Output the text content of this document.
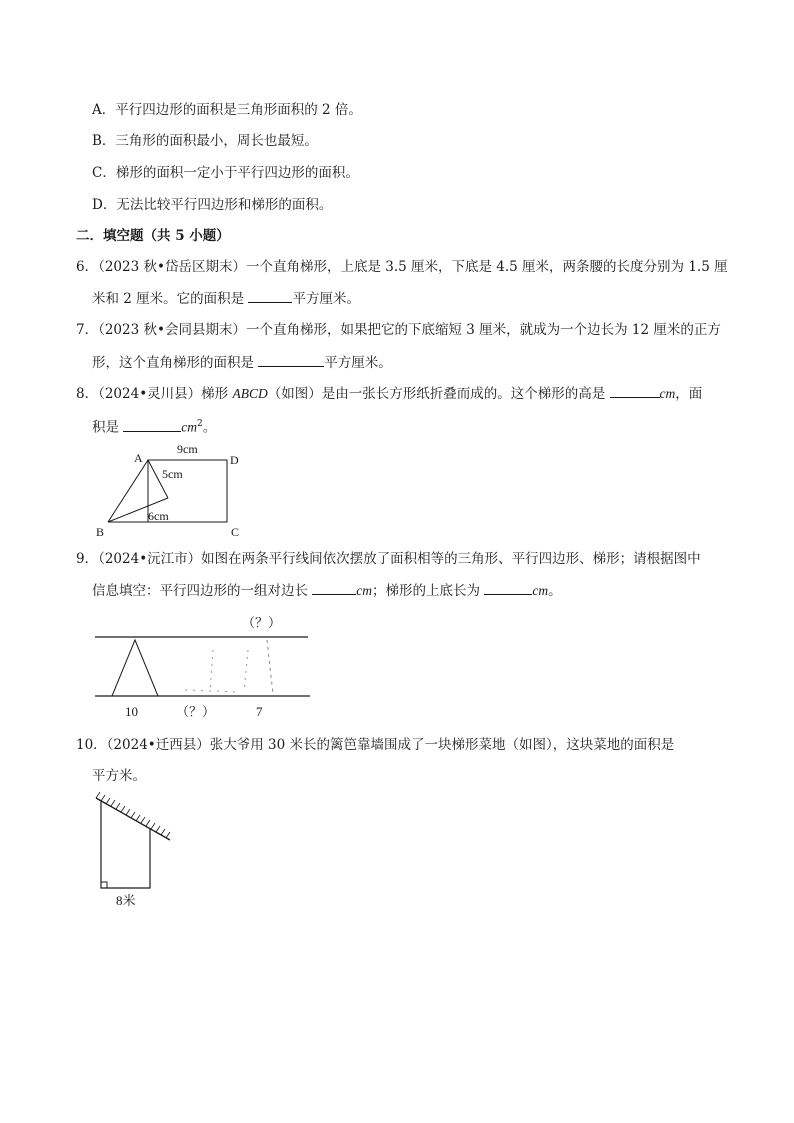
A．平行四边形的面积是三角形面积的 2 倍。
B．三角形的面积最小，周长也最短。
C．梯形的面积一定小于平行四边形的面积。
D．无法比较平行四边形和梯形的面积。
二．填空题（共 5 小题）
6．（2023 秋•岱岳区期末）一个直角梯形，上底是 3.5 厘米，下底是 4.5 厘米，两条腰的长度分别为 1.5 厘
米和 2 厘米。它的面积是	平方厘米。
7．（2023 秋•会同县期末）一个直角梯形，如果把它的下底缩短 3 厘米，就成为一个边长为 12 厘米的正方
形，这个直角梯形的面积是	平方厘米。
8．（2024•灵川县）梯形 ABCD（如图）是由一张长方形纸折叠而成的。这个梯形的高是	cm，面
积是	$cm^2$。
A
9cm
D
5cm
6cm
B	C
9．（2024•沅江市）如图在两条平行线间依次摆放了面积相等的三角形、平行四边形、梯形；请根据图中
信息填空：平行四边形的一组对边长	cm；梯形的上底长为	cm。
（？）
10	（？）	7
10．（2024•迁西县）张大爷用 30 米长的篱笆靠墙围成了一块梯形菜地（如图），这块菜地的面积是
平方米。
8米
